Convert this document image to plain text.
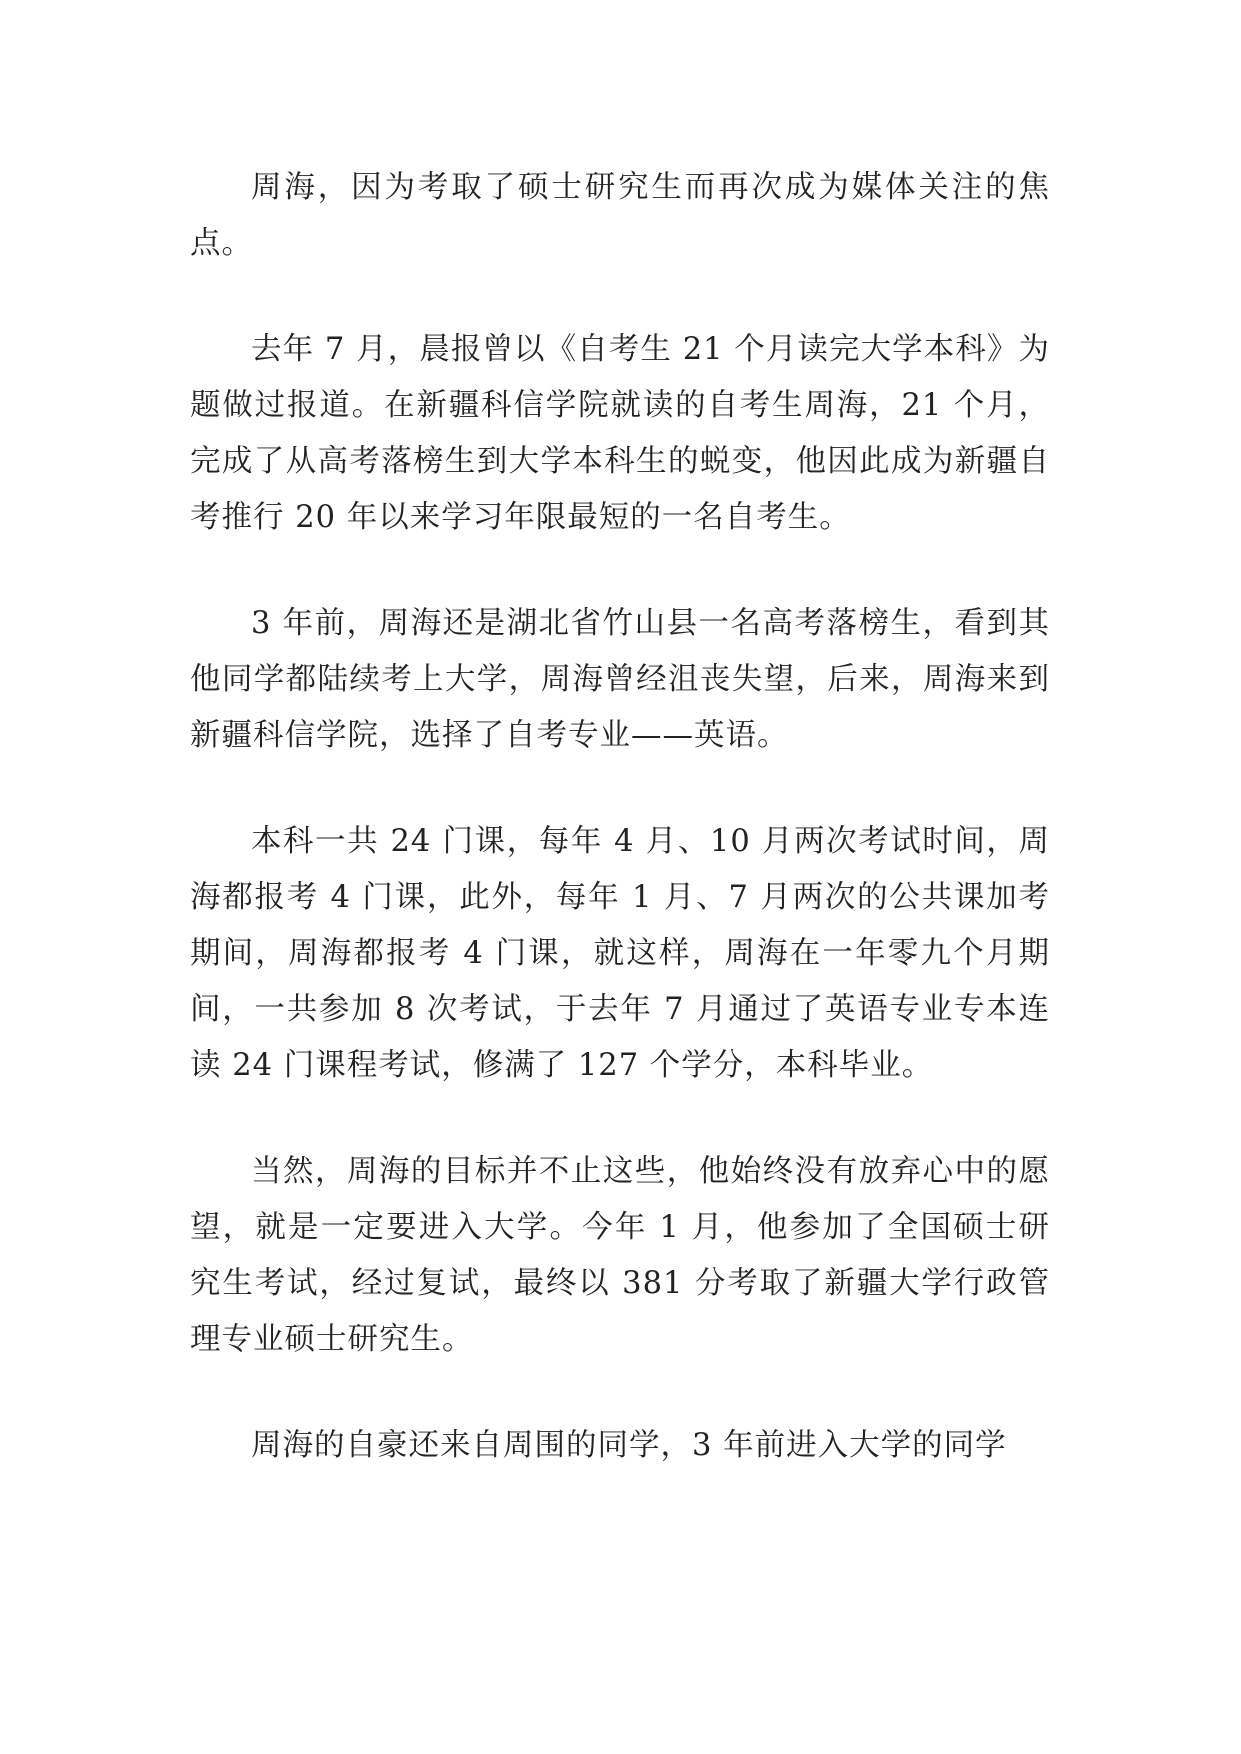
周海，因为考取了硕士研究生而再次成为媒体关注的焦点。

去年 7 月，晨报曾以《自考生 21 个月读完大学本科》为题做过报道。在新疆科信学院就读的自考生周海，21 个月，完成了从高考落榜生到大学本科生的蜕变，他因此成为新疆自考推行 20 年以来学习年限最短的一名自考生。

3 年前，周海还是湖北省竹山县一名高考落榜生，看到其他同学都陆续考上大学，周海曾经沮丧失望，后来，周海来到新疆科信学院，选择了自考专业——英语。

本科一共 24 门课，每年 4 月、10 月两次考试时间，周海都报考 4 门课，此外，每年 1 月、7 月两次的公共课加考期间，周海都报考 4 门课，就这样，周海在一年零九个月期间，一共参加 8 次考试，于去年 7 月通过了英语专业专本连读 24 门课程考试，修满了 127 个学分，本科毕业。

当然，周海的目标并不止这些，他始终没有放弃心中的愿望，就是一定要进入大学。今年 1 月，他参加了全国硕士研究生考试，经过复试，最终以 381 分考取了新疆大学行政管理专业硕士研究生。

周海的自豪还来自周围的同学，3 年前进入大学的同学
